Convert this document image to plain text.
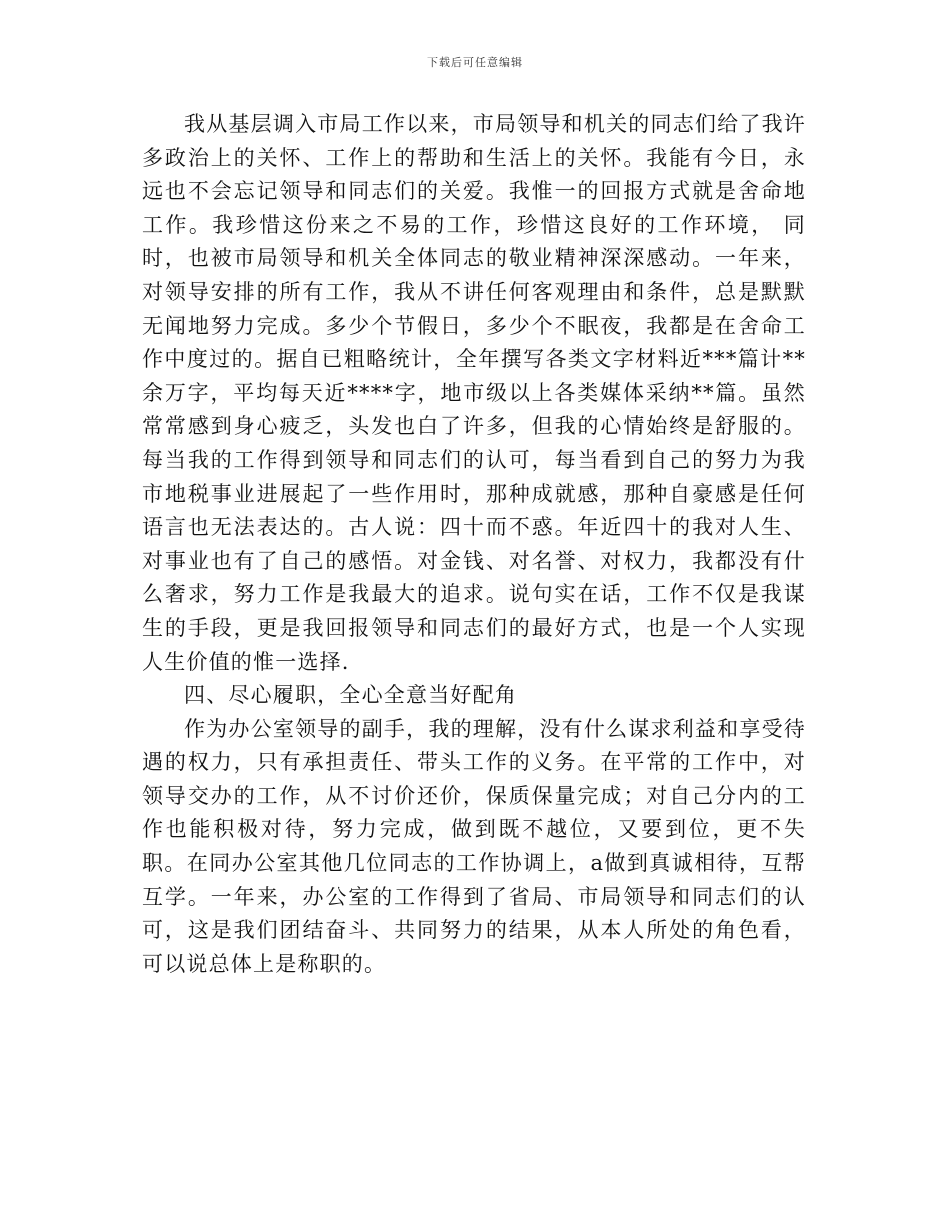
下载后可任意编辑

我从基层调入市局工作以来，市局领导和机关的同志们给了我许多政治上的关怀、工作上的帮助和生活上的关怀。我能有今日，永远也不会忘记领导和同志们的关爱。我惟一的回报方式就是舍命地工作。我珍惜这份来之不易的工作，珍惜这良好的工作环境， 同时，也被市局领导和机关全体同志的敬业精神深深感动。一年来，对领导安排的所有工作，我从不讲任何客观理由和条件，总是默默无闻地努力完成。多少个节假日，多少个不眠夜，我都是在舍命工作中度过的。据自已粗略统计，全年撰写各类文字材料近***篇计**余万字，平均每天近****字，地市级以上各类媒体采纳**篇。虽然常常感到身心疲乏，头发也白了许多，但我的心情始终是舒服的。每当我的工作得到领导和同志们的认可，每当看到自己的努力为我市地税事业进展起了一些作用时，那种成就感，那种自豪感是任何语言也无法表达的。古人说：四十而不惑。年近四十的我对人生、对事业也有了自己的感悟。对金钱、对名誉、对权力，我都没有什么奢求，努力工作是我最大的追求。说句实在话，工作不仅是我谋生的手段，更是我回报领导和同志们的最好方式，也是一个人实现人生价值的惟一选择.

四、尽心履职，全心全意当好配角

作为办公室领导的副手，我的理解，没有什么谋求利益和享受待遇的权力，只有承担责任、带头工作的义务。在平常的工作中，对领导交办的工作，从不讨价还价，保质保量完成；对自己分内的工作也能积极对待，努力完成，做到既不越位，又要到位，更不失职。在同办公室其他几位同志的工作协调上，a做到真诚相待，互帮互学。一年来，办公室的工作得到了省局、市局领导和同志们的认可，这是我们团结奋斗、共同努力的结果，从本人所处的角色看，可以说总体上是称职的。
